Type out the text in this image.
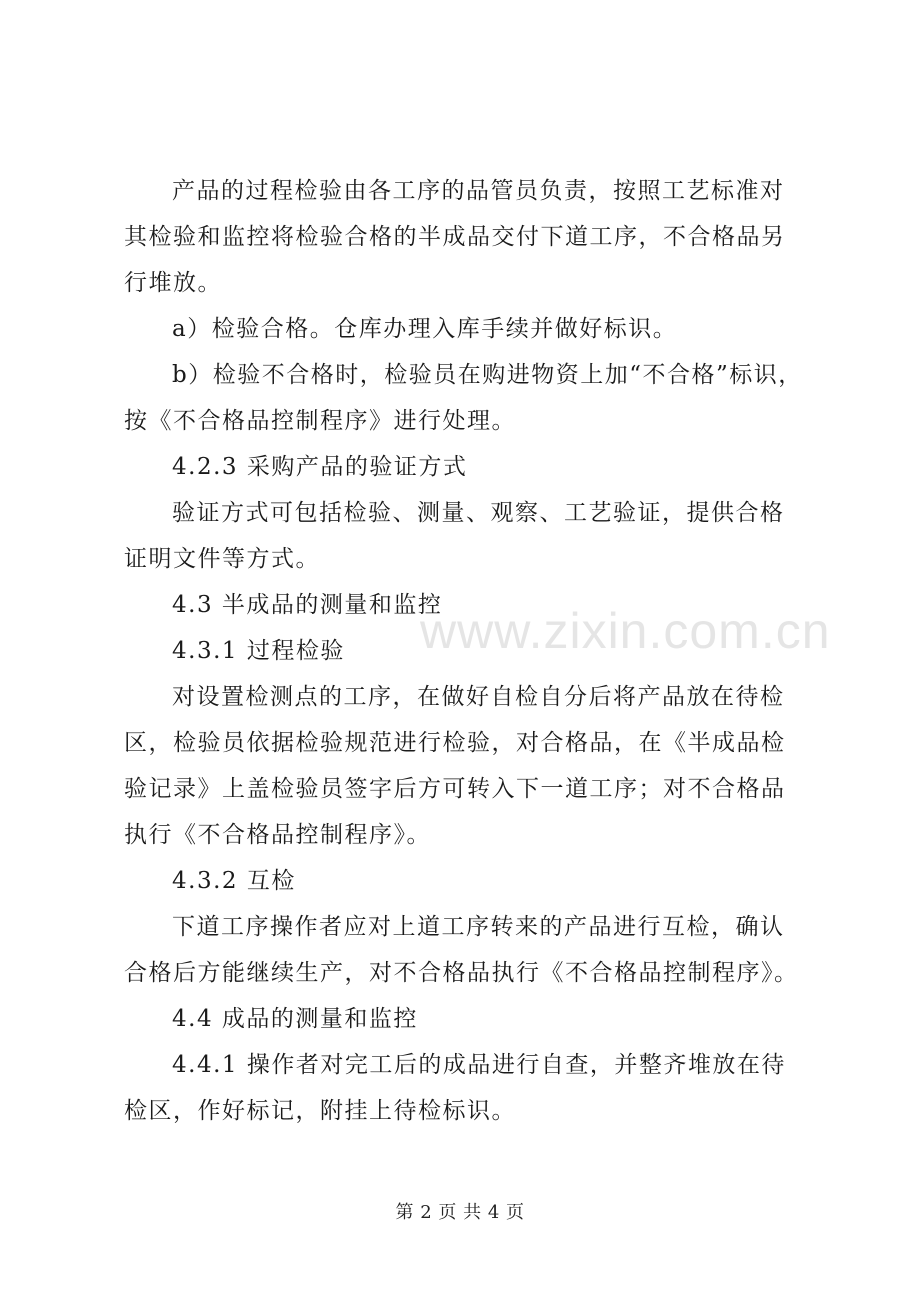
产品的过程检验由各工序的品管员负责，按照工艺标准对其检验和监控将检验合格的半成品交付下道工序，不合格品另行堆放。

a）检验合格。仓库办理入库手续并做好标识。

b）检验不合格时，检验员在购进物资上加“不合格”标识，按《不合格品控制程序》进行处理。

4.2.3 采购产品的验证方式

验证方式可包括检验、测量、观察、工艺验证，提供合格证明文件等方式。

4.3 半成品的测量和监控

4.3.1 过程检验

对设置检测点的工序，在做好自检自分后将产品放在待检区，检验员依据检验规范进行检验，对合格品，在《半成品检验记录》上盖检验员签字后方可转入下一道工序；对不合格品执行《不合格品控制程序》。

4.3.2 互检

下道工序操作者应对上道工序转来的产品进行互检，确认合格后方能继续生产，对不合格品执行《不合格品控制程序》。

4.4 成品的测量和监控

4.4.1 操作者对完工后的成品进行自查，并整齐堆放在待检区，作好标记，附挂上待检标识。

www.zixin.com.cn
第 2 页 共 4 页
